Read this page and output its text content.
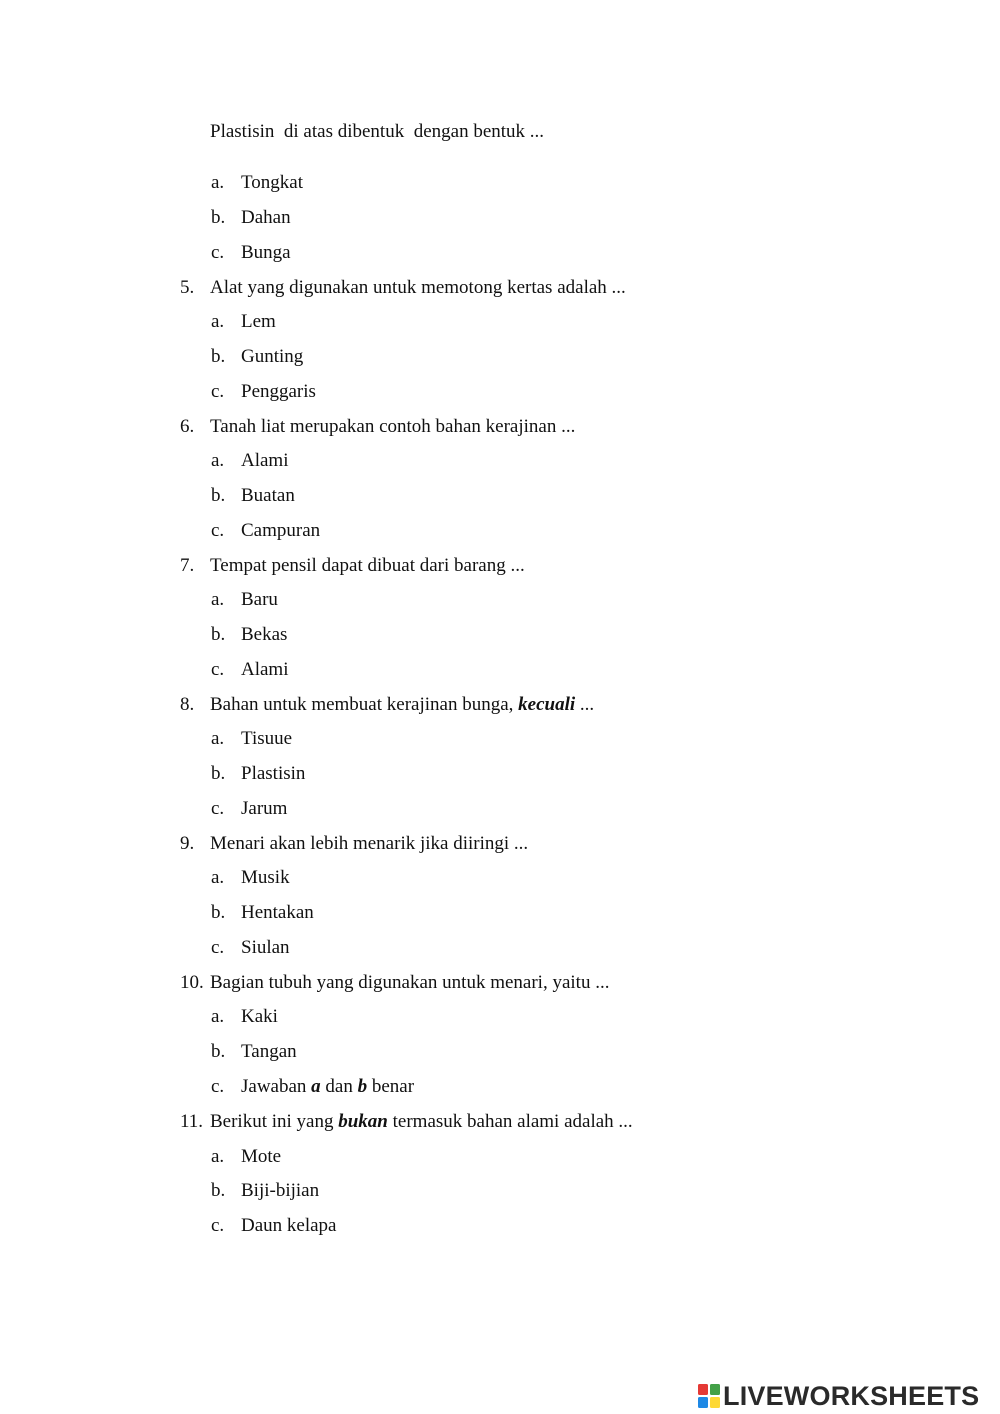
Plastisin  di atas dibentuk  dengan bentuk ...
a. Tongkat
b. Dahan
c. Bunga
5. Alat yang digunakan untuk memotong kertas adalah ...
a. Lem
b. Gunting
c. Penggaris
6. Tanah liat merupakan contoh bahan kerajinan ...
a. Alami
b. Buatan
c. Campuran
7. Tempat pensil dapat dibuat dari barang ...
a. Baru
b. Bekas
c. Alami
8. Bahan untuk membuat kerajinan bunga, kecuali ...
a. Tisuue
b. Plastisin
c. Jarum
9. Menari akan lebih menarik jika diiringi ...
a. Musik
b. Hentakan
c. Siulan
10. Bagian tubuh yang digunakan untuk menari, yaitu ...
a. Kaki
b. Tangan
c. Jawaban a dan b benar
11. Berikut ini yang bukan termasuk bahan alami adalah ...
a. Mote
b. Biji-bijian
c. Daun kelapa
LIVEWORKSHEETS
